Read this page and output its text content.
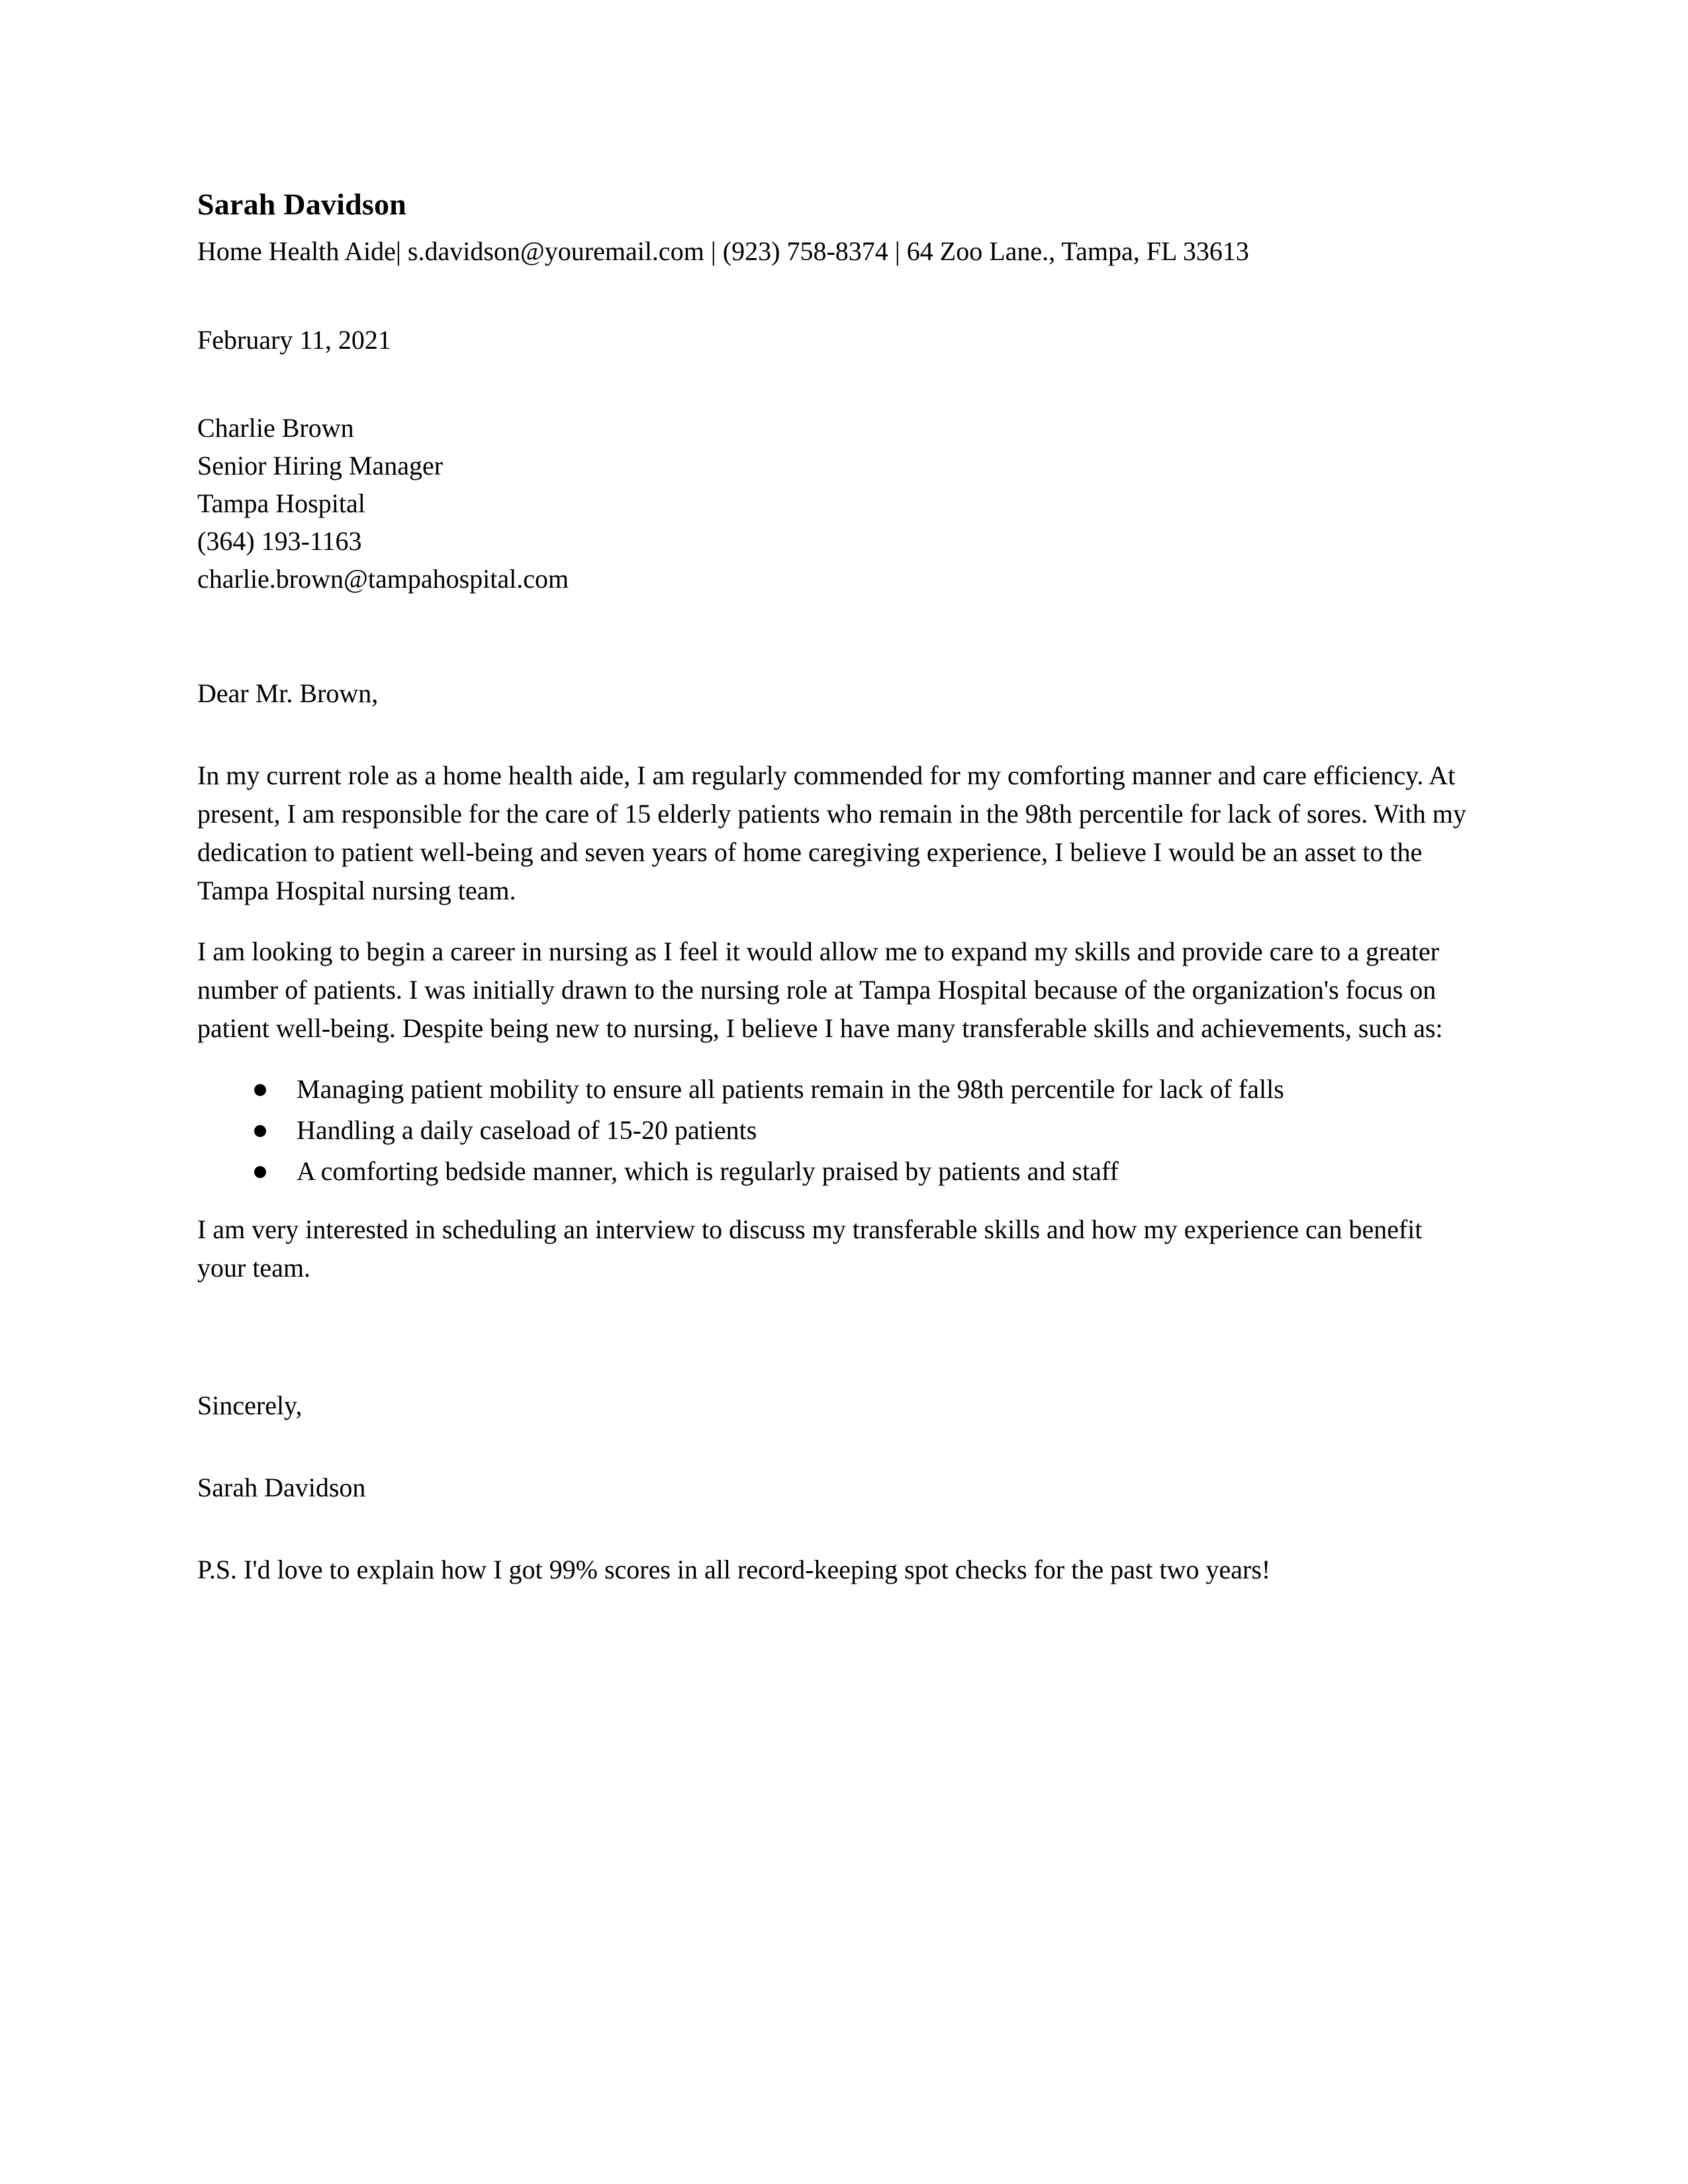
Sarah Davidson

Home Health Aide| s.davidson@youremail.com | (923) 758-8374 | 64 Zoo Lane., Tampa, FL 33613

February 11, 2021

Charlie Brown
Senior Hiring Manager
Tampa Hospital
(364) 193-1163
charlie.brown@tampahospital.com

Dear Mr. Brown,

In my current role as a home health aide, I am regularly commended for my comforting manner and care efficiency. At present, I am responsible for the care of 15 elderly patients who remain in the 98th percentile for lack of sores. With my dedication to patient well-being and seven years of home caregiving experience, I believe I would be an asset to the Tampa Hospital nursing team.

I am looking to begin a career in nursing as I feel it would allow me to expand my skills and provide care to a greater number of patients. I was initially drawn to the nursing role at Tampa Hospital because of the organization's focus on patient well-being. Despite being new to nursing, I believe I have many transferable skills and achievements, such as:

Managing patient mobility to ensure all patients remain in the 98th percentile for lack of falls
Handling a daily caseload of 15-20 patients
A comforting bedside manner, which is regularly praised by patients and staff

I am very interested in scheduling an interview to discuss my transferable skills and how my experience can benefit your team.

Sincerely,

Sarah Davidson

P.S. I'd love to explain how I got 99% scores in all record-keeping spot checks for the past two years!
